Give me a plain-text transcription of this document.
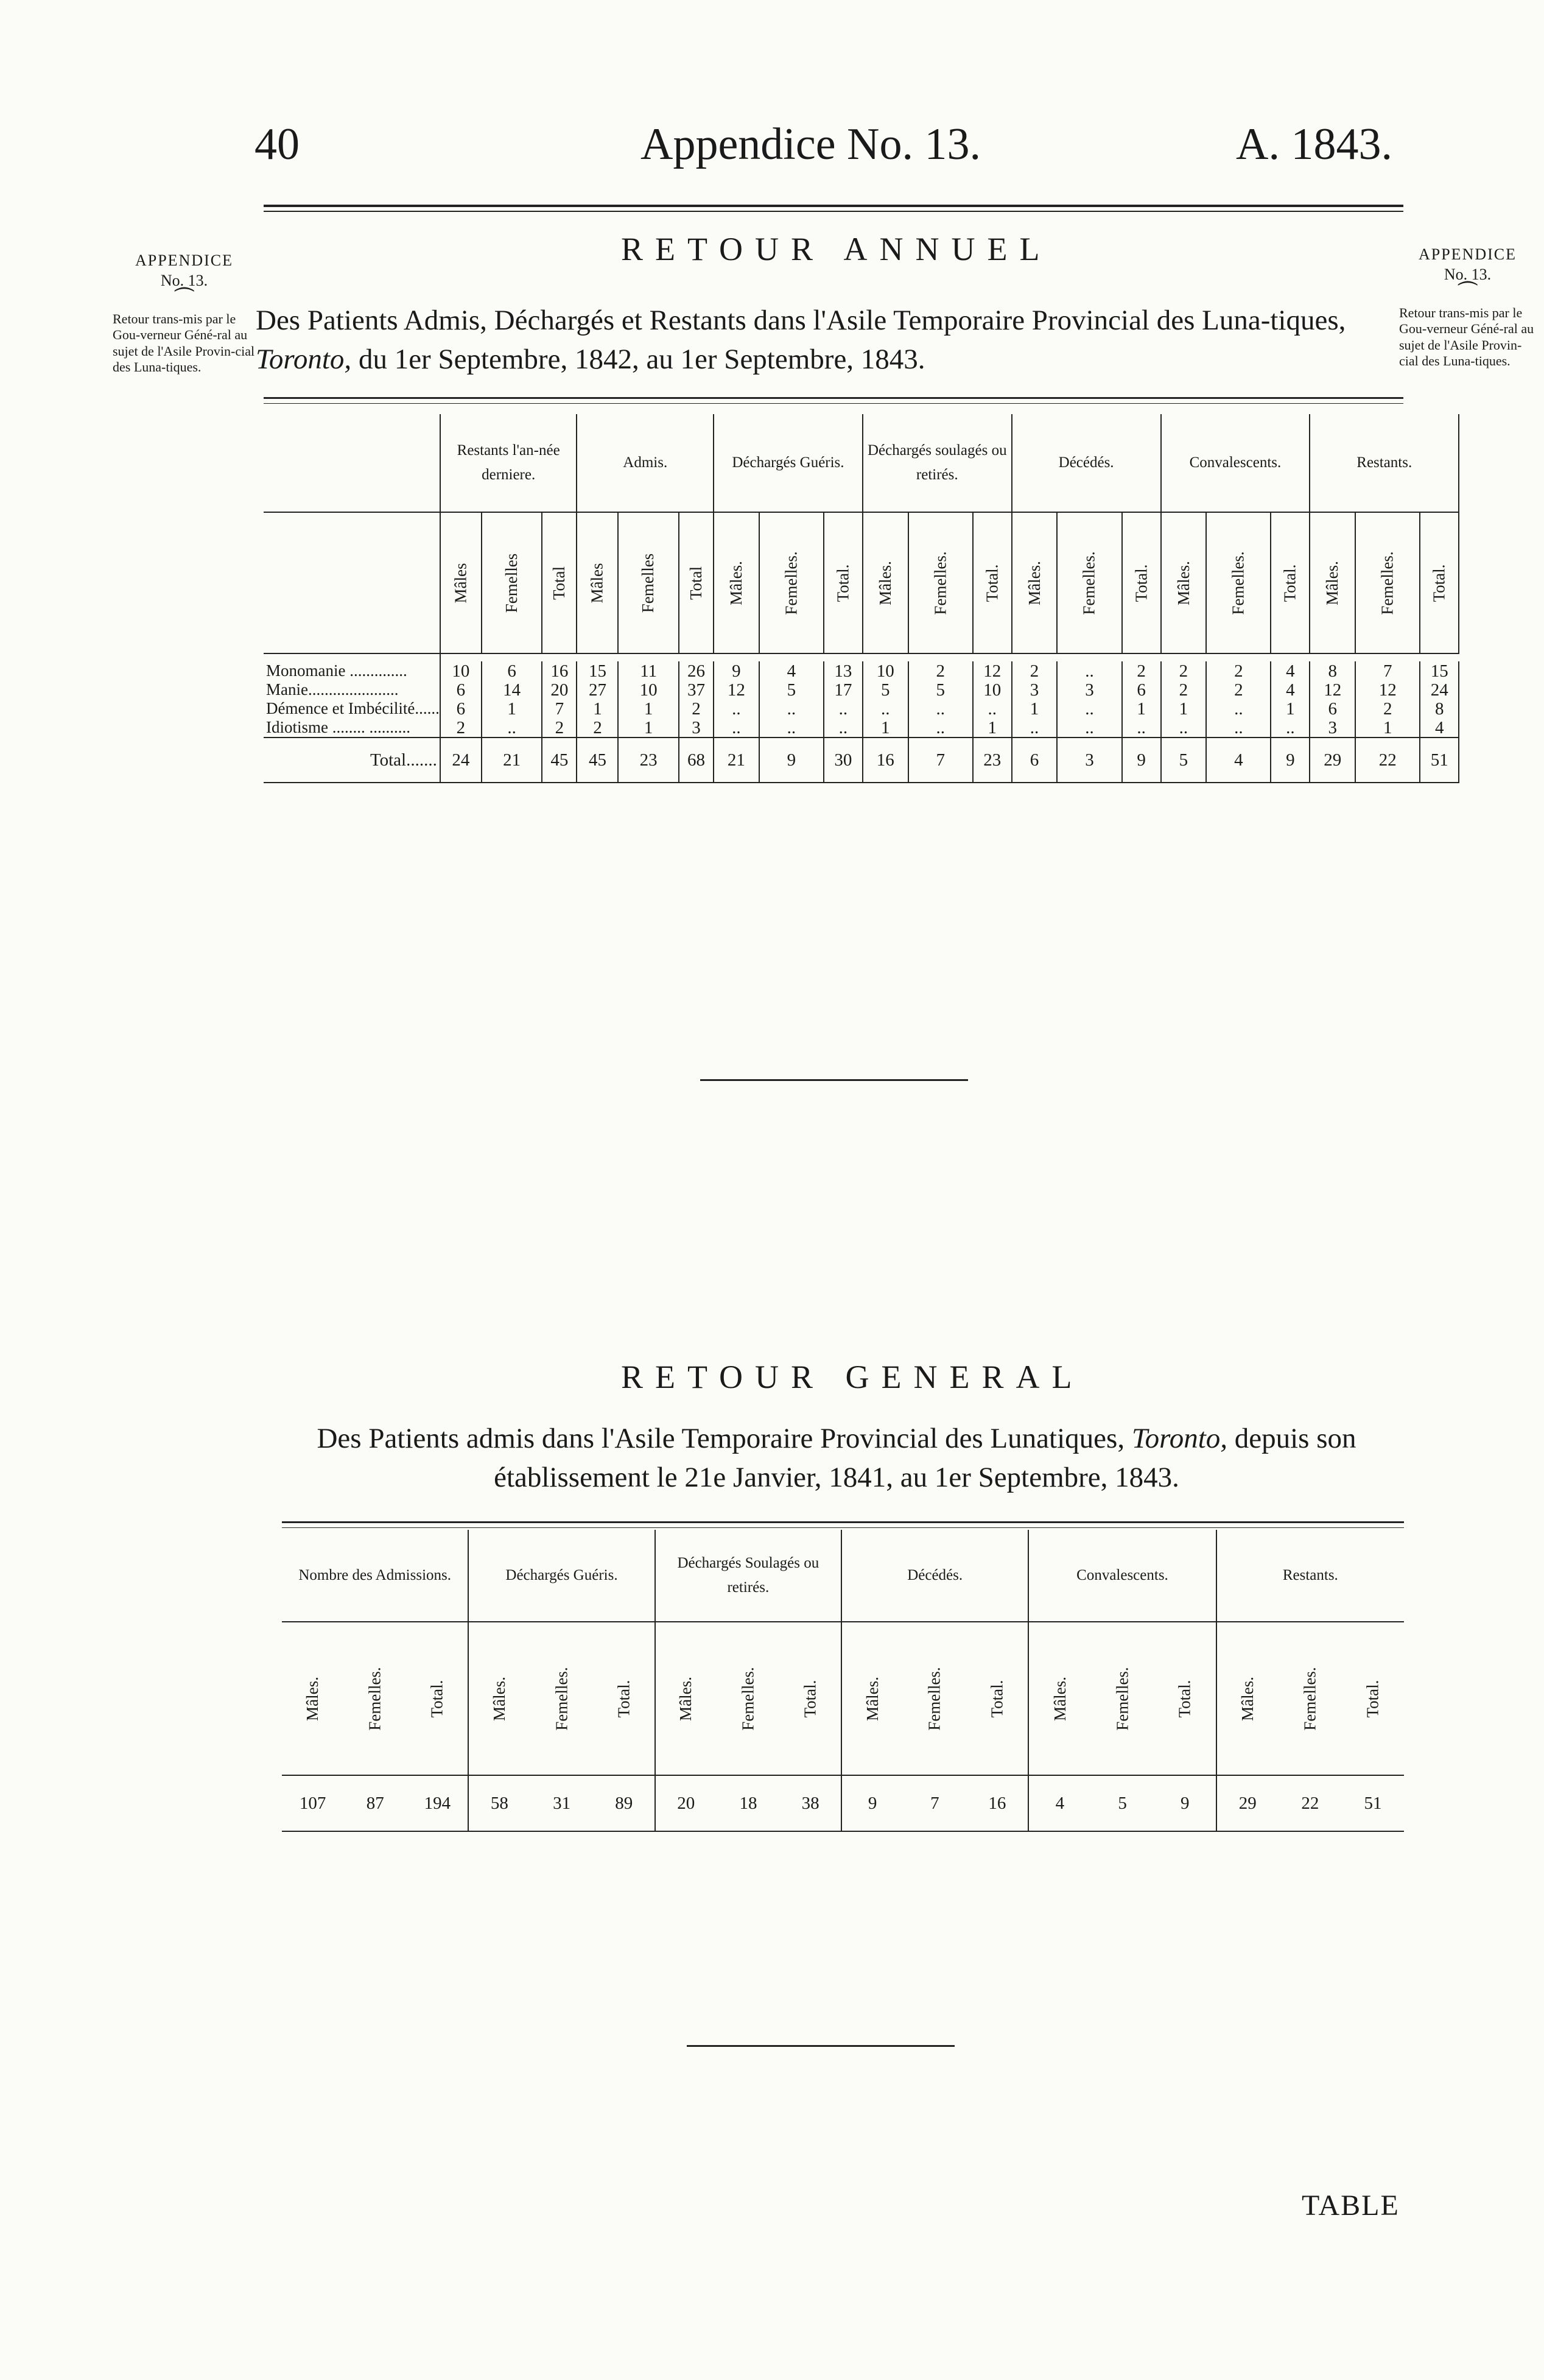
40	Appendice No. 13.	A. 1843.
APPENDICE
No. 13.
⏜
Retour trans-mis par le Gou-verneur Géné-ral au sujet de l'Asile Provin-cial des Luna-tiques.
APPENDICE
No. 13.
⏜
Retour trans-mis par le Gou-verneur Géné-ral au sujet de l'Asile Provin-cial des Luna-tiques.
RETOUR ANNUEL
Des Patients Admis, Déchargés et Restants dans l'Asile Temporaire Provincial des Luna-tiques, Toronto, du 1er Septembre, 1842, au 1er Septembre, 1843.
	Restants l'an-née derniere.			Admis.			Déchargés Guéris.			Déchargés soulagés ou retirés.			Décédés.			Convalescents.			Restants.		
	Mâles	Femelles	Total	Mâles	Femelles	Total	Mâles.	Femelles.	Total.	Mâles.	Femelles.	Total.	Mâles.	Femelles.	Total.	Mâles.	Femelles.	Total.	Mâles.	Femelles.	Total.

Monomanie ..............	10	6	16	15	11	26	9	4	13	10	2	12	2	..	2	2	2	4	8	7	15
Manie......................	6	14	20	27	10	37	12	5	17	5	5	10	3	3	6	2	2	4	12	12	24
Démence et Imbécilité......	6	1	7	1	1	2	..	..	..	..	..	..	1	..	1	1	..	1	6	2	8
Idiotisme ........ ..........	2	..	2	2	1	3	..	..	..	1	..	1	..	..	..	..	..	..	3	1	4
Total.......	24	21	45	45	23	68	21	9	30	16	7	23	6	3	9	5	4	9	29	22	51
RETOUR GENERAL
Des Patients admis dans l'Asile Temporaire Provincial des Lunatiques, Toronto, depuis son établissement le 21e Janvier, 1841, au 1er Septembre, 1843.
Nombre des Admissions.			Déchargés Guéris.			Déchargés Soulagés ou retirés.			Décédés.			Convalescents.			Restants.		
Mâles.	Femelles.	Total.	Mâles.	Femelles.	Total.	Mâles.	Femelles.	Total.	Mâles.	Femelles.	Total.	Mâles.	Femelles.	Total.	Mâles.	Femelles.	Total.
107	87	194	58	31	89	20	18	38	9	7	16	4	5	9	29	22	51
TABLE
